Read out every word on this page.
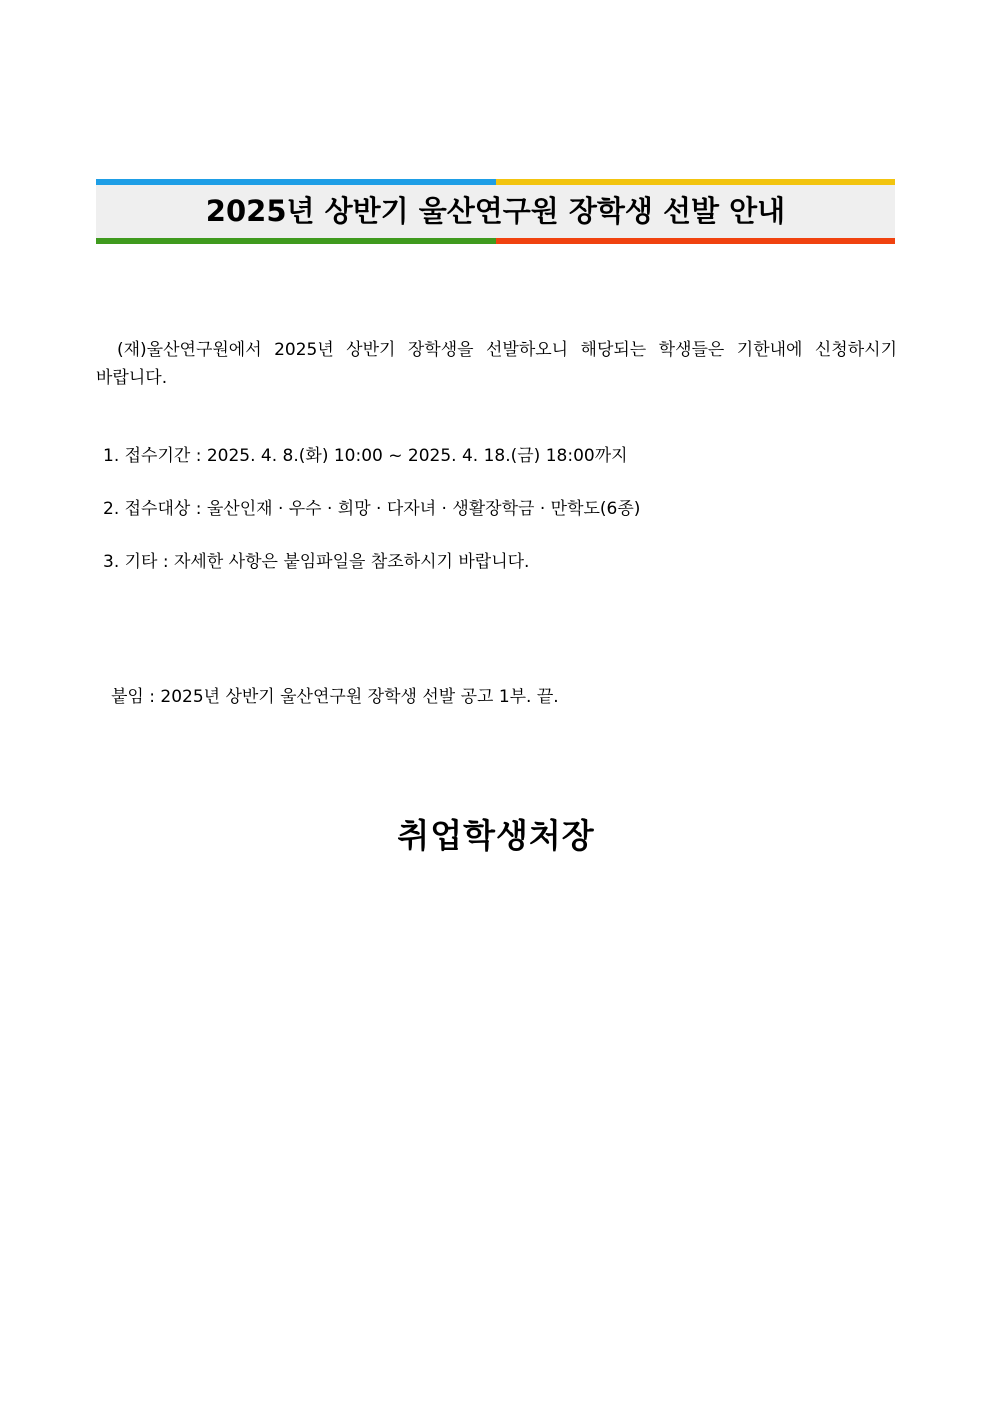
2025년 상반기 울산연구원 장학생 선발 안내
(재)울산연구원에서 2025년 상반기 장학생을 선발하오니 해당되는 학생들은 기한내에 신청하시기 바랍니다.
1. 접수기간 : 2025. 4. 8.(화) 10:00 ~ 2025. 4. 18.(금) 18:00까지
2. 접수대상 : 울산인재 · 우수 · 희망 · 다자녀 · 생활장학금 · 만학도(6종)
3. 기타 : 자세한 사항은 붙임파일을 참조하시기 바랍니다.
붙임 : 2025년 상반기 울산연구원 장학생 선발 공고 1부. 끝.
취업학생처장
